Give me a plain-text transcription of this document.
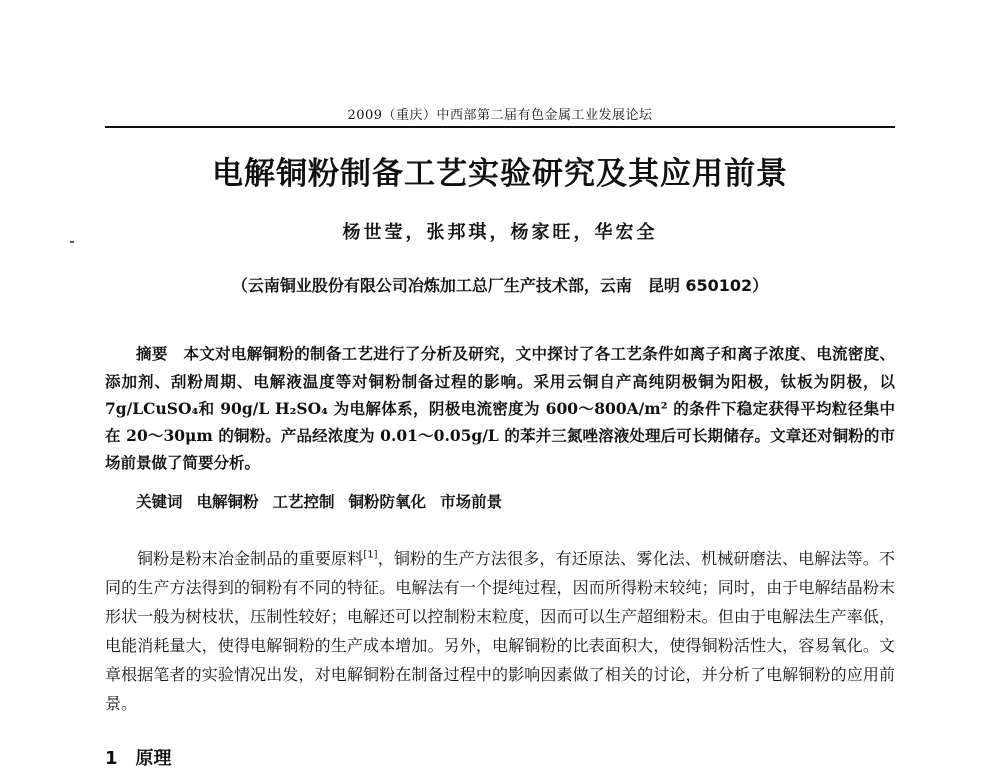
2009（重庆）中西部第二届有色金属工业发展论坛
电解铜粉制备工艺实验研究及其应用前景
杨世莹，张邦琪，杨家旺，华宏全
（云南铜业股份有限公司冶炼加工总厂生产技术部，云南　昆明 650102）

摘要　 本文对电解铜粉的制备工艺进行了分析及研究，文中探讨了各工艺条件如离子和离子浓度、电流密度、添加剂、刮粉周期、电解液温度等对铜粉制备过程的影响。采用云铜自产高纯阴极铜为阳极，钛板为阴极，以 7g/LCuSO₄和 90g/L H₂SO₄ 为电解体系，阴极电流密度为 600～800A/m² 的条件下稳定获得平均粒径集中在 20～30μm 的铜粉。产品经浓度为 0.01～0.05g/L 的苯并三氮唑溶液处理后可长期储存。文章还对铜粉的市场前景做了简要分析。

关键词 电解铜粉 工艺控制 铜粉防氧化 市场前景

铜粉是粉末冶金制品的重要原料[1]，铜粉的生产方法很多，有还原法、雾化法、机械研磨法、电解法等。不同的生产方法得到的铜粉有不同的特征。电解法有一个提纯过程，因而所得粉末较纯；同时，由于电解结晶粉末形状一般为树枝状，压制性较好；电解还可以控制粉末粒度，因而可以生产超细粉末。但由于电解法生产率低，电能消耗量大，使得电解铜粉的生产成本增加。另外，电解铜粉的比表面积大，使得铜粉活性大，容易氧化。文章根据笔者的实验情况出发，对电解铜粉在制备过程中的影响因素做了相关的讨论，并分析了电解铜粉的应用前景。

1 原理
